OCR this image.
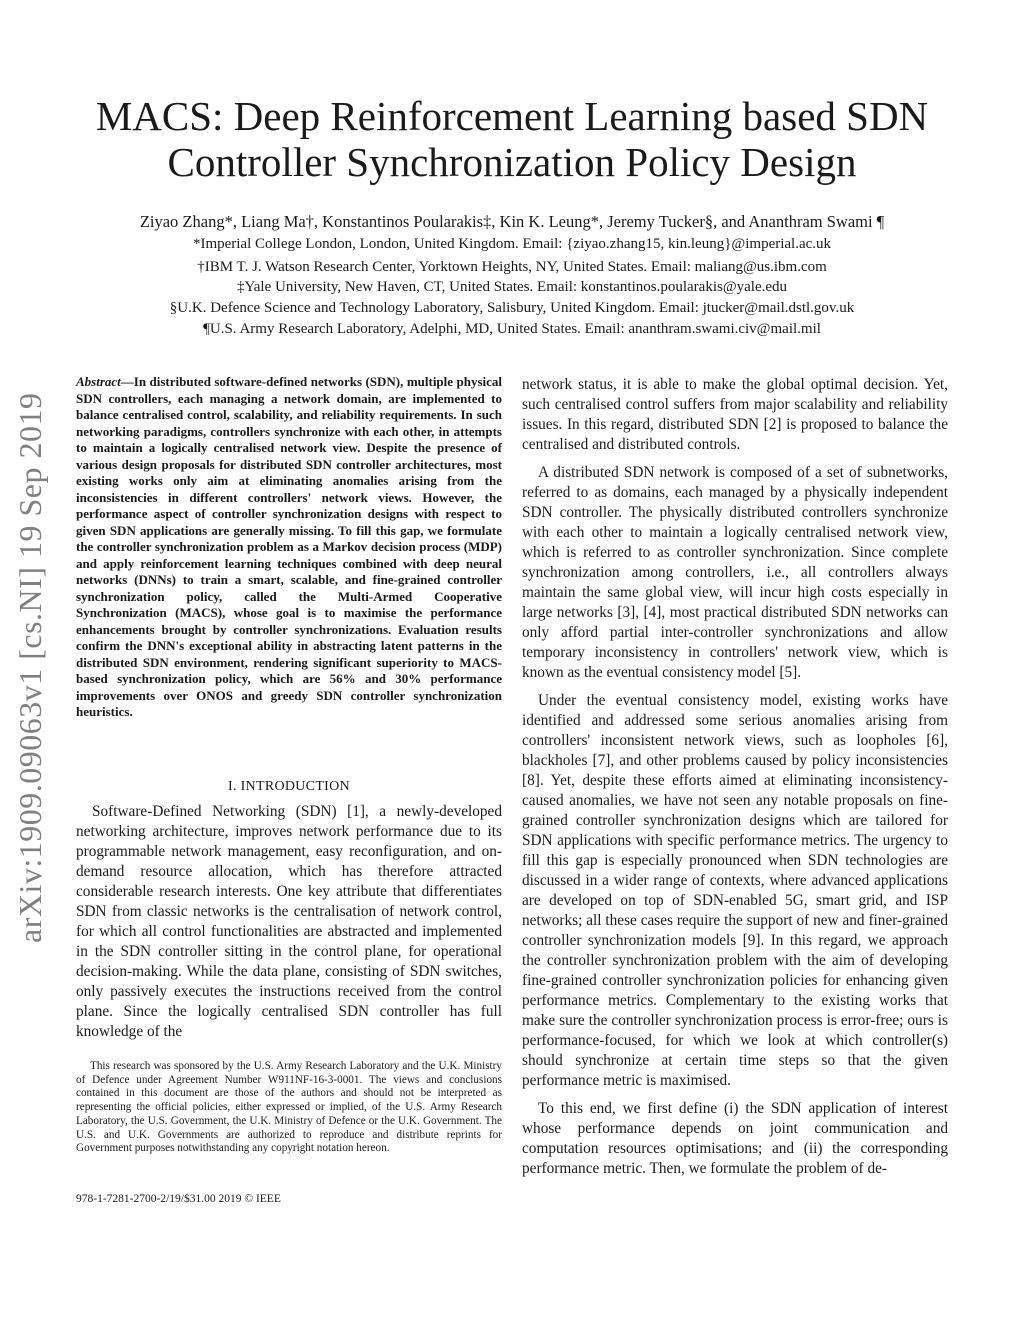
MACS: Deep Reinforcement Learning based SDN Controller Synchronization Policy Design
Ziyao Zhang*, Liang Ma†, Konstantinos Poularakis‡, Kin K. Leung*, Jeremy Tucker§, and Ananthram Swami ¶
*Imperial College London, London, United Kingdom. Email: {ziyao.zhang15, kin.leung}@imperial.ac.uk
†IBM T. J. Watson Research Center, Yorktown Heights, NY, United States. Email: maliang@us.ibm.com
‡Yale University, New Haven, CT, United States. Email: konstantinos.poularakis@yale.edu
§U.K. Defence Science and Technology Laboratory, Salisbury, United Kingdom. Email: jtucker@mail.dstl.gov.uk
¶U.S. Army Research Laboratory, Adelphi, MD, United States. Email: ananthram.swami.civ@mail.mil
arXiv:1909.09063v1 [cs.NI] 19 Sep 2019
Abstract—In distributed software-defined networks (SDN), multiple physical SDN controllers, each managing a network domain, are implemented to balance centralised control, scalability, and reliability requirements. In such networking paradigms, controllers synchronize with each other, in attempts to maintain a logically centralised network view. Despite the presence of various design proposals for distributed SDN controller architectures, most existing works only aim at eliminating anomalies arising from the inconsistencies in different controllers' network views. However, the performance aspect of controller synchronization designs with respect to given SDN applications are generally missing. To fill this gap, we formulate the controller synchronization problem as a Markov decision process (MDP) and apply reinforcement learning techniques combined with deep neural networks (DNNs) to train a smart, scalable, and fine-grained controller synchronization policy, called the Multi-Armed Cooperative Synchronization (MACS), whose goal is to maximise the performance enhancements brought by controller synchronizations. Evaluation results confirm the DNN's exceptional ability in abstracting latent patterns in the distributed SDN environment, rendering significant superiority to MACS-based synchronization policy, which are 56% and 30% performance improvements over ONOS and greedy SDN controller synchronization heuristics.
I. INTRODUCTION
Software-Defined Networking (SDN) [1], a newly-developed networking architecture, improves network performance due to its programmable network management, easy reconfiguration, and on-demand resource allocation, which has therefore attracted considerable research interests. One key attribute that differentiates SDN from classic networks is the centralisation of network control, for which all control functionalities are abstracted and implemented in the SDN controller sitting in the control plane, for operational decision-making. While the data plane, consisting of SDN switches, only passively executes the instructions received from the control plane. Since the logically centralised SDN controller has full knowledge of the
This research was sponsored by the U.S. Army Research Laboratory and the U.K. Ministry of Defence under Agreement Number W911NF-16-3-0001. The views and conclusions contained in this document are those of the authors and should not be interpreted as representing the official policies, either expressed or implied, of the U.S. Army Research Laboratory, the U.S. Government, the U.K. Ministry of Defence or the U.K. Government. The U.S. and U.K. Governments are authorized to reproduce and distribute reprints for Government purposes notwithstanding any copyright notation hereon.
978-1-7281-2700-2/19/$31.00 2019 © IEEE

network status, it is able to make the global optimal decision. Yet, such centralised control suffers from major scalability and reliability issues. In this regard, distributed SDN [2] is proposed to balance the centralised and distributed controls.

A distributed SDN network is composed of a set of subnetworks, referred to as domains, each managed by a physically independent SDN controller. The physically distributed controllers synchronize with each other to maintain a logically centralised network view, which is referred to as controller synchronization. Since complete synchronization among controllers, i.e., all controllers always maintain the same global view, will incur high costs especially in large networks [3], [4], most practical distributed SDN networks can only afford partial inter-controller synchronizations and allow temporary inconsistency in controllers' network view, which is known as the eventual consistency model [5].

Under the eventual consistency model, existing works have identified and addressed some serious anomalies arising from controllers' inconsistent network views, such as loopholes [6], blackholes [7], and other problems caused by policy inconsistencies [8]. Yet, despite these efforts aimed at eliminating inconsistency-caused anomalies, we have not seen any notable proposals on fine-grained controller synchronization designs which are tailored for SDN applications with specific performance metrics. The urgency to fill this gap is especially pronounced when SDN technologies are discussed in a wider range of contexts, where advanced applications are developed on top of SDN-enabled 5G, smart grid, and ISP networks; all these cases require the support of new and finer-grained controller synchronization models [9]. In this regard, we approach the controller synchronization problem with the aim of developing fine-grained controller synchronization policies for enhancing given performance metrics. Complementary to the existing works that make sure the controller synchronization process is error-free; ours is performance-focused, for which we look at which controller(s) should synchronize at certain time steps so that the given performance metric is maximised.

To this end, we first define (i) the SDN application of interest whose performance depends on joint communication and computation resources optimisations; and (ii) the corresponding performance metric. Then, we formulate the problem of de-
